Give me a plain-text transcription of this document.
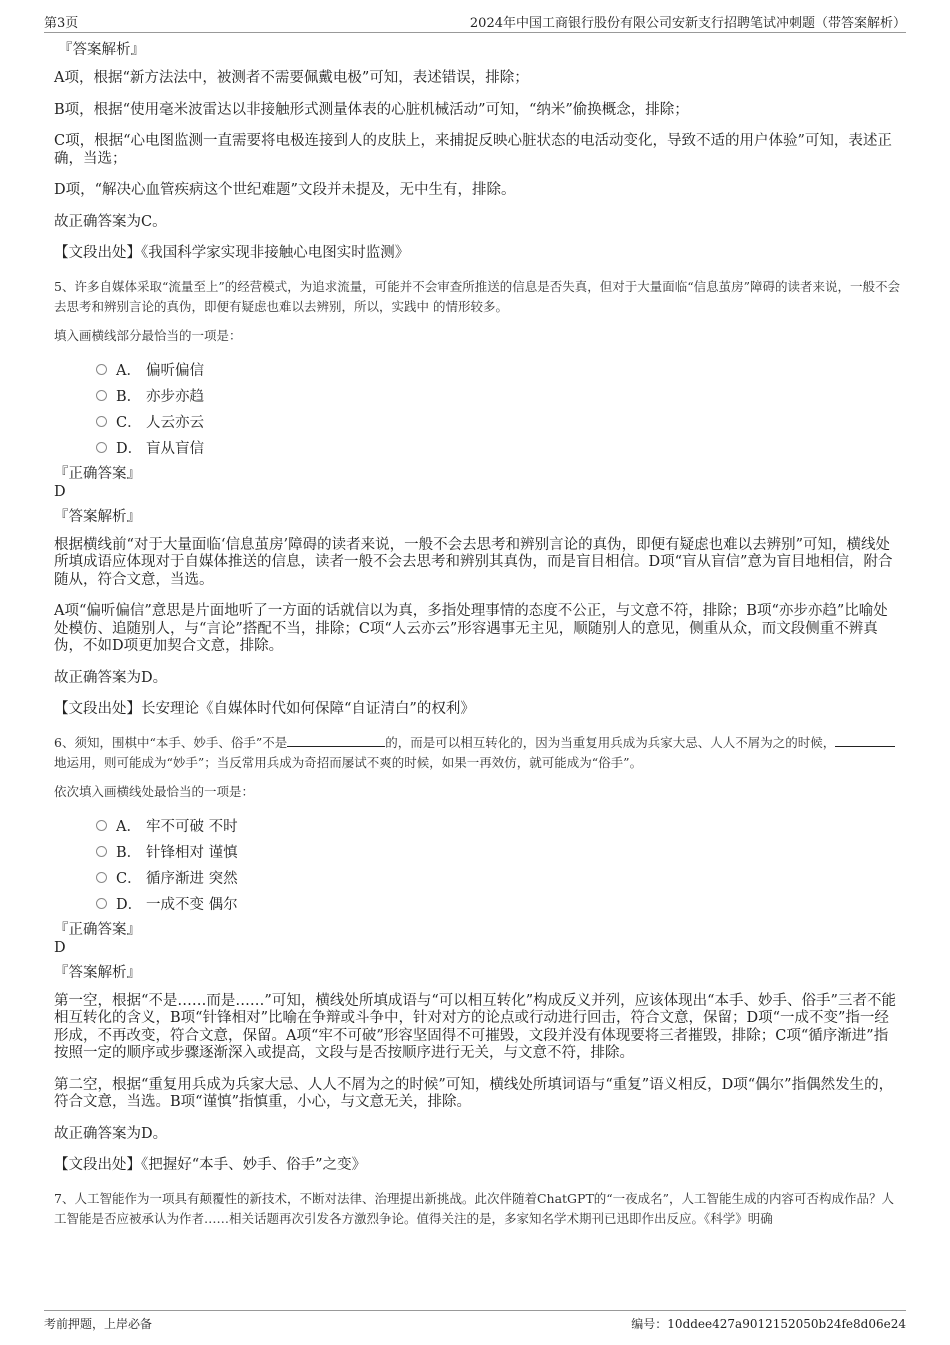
第3页	2024年中国工商银行股份有限公司安新支行招聘笔试冲刺题（带答案解析）
『答案解析』

A项，根据“新方法法中，被测者不需要佩戴电极”可知，表述错误，排除；

B项，根据“使用毫米波雷达以非接触形式测量体表的心脏机械活动”可知，“纳米”偷换概念，排除；

C项，根据“心电图监测一直需要将电极连接到人的皮肤上，来捕捉反映心脏状态的电活动变化，导致不适的用户体验”可知，表述正确，当选；

D项，“解决心血管疾病这个世纪难题”文段并未提及，无中生有，排除。

故正确答案为C。

【文段出处】《我国科学家实现非接触心电图实时监测》

5、许多自媒体采取“流量至上”的经营模式，为追求流量，可能并不会审查所推送的信息是否失真，但对于大量面临“信息茧房”障碍的读者来说，一般不会去思考和辨别言论的真伪，即便有疑虑也难以去辨别，所以，实践中 的情形较多。
填入画横线部分最恰当的一项是：
A． 偏听偏信
B． 亦步亦趋
C． 人云亦云
D． 盲从盲信
『正确答案』
D
『答案解析』

根据横线前“对于大量面临‘信息茧房’障碍的读者来说，一般不会去思考和辨别言论的真伪，即便有疑虑也难以去辨别”可知，横线处所填成语应体现对于自媒体推送的信息，读者一般不会去思考和辨别其真伪，而是盲目相信。D项“盲从盲信”意为盲目地相信，附合随从，符合文意，当选。

A项“偏听偏信”意思是片面地听了一方面的话就信以为真，多指处理事情的态度不公正，与文意不符，排除；B项“亦步亦趋”比喻处处模仿、追随别人，与“言论”搭配不当，排除；C项“人云亦云”形容遇事无主见，顺随别人的意见，侧重从众，而文段侧重不辨真伪，不如D项更加契合文意，排除。

故正确答案为D。

【文段出处】长安理论《自媒体时代如何保障“自证清白”的权利》

6、须知，围棋中“本手、妙手、俗手”不是	的，而是可以相互转化的，因为当重复用兵成为兵家大忌、人人不屑为之的时候，地运用，则可能成为“妙手”；当反常用兵成为奇招而屡试不爽的时候，如果一再效仿，就可能成为“俗手”。
依次填入画横线处最恰当的一项是：
A． 牢不可破 不时
B． 针锋相对 谨慎
C． 循序渐进 突然
D． 一成不变 偶尔
『正确答案』
D
『答案解析』

第一空，根据“不是……而是……”可知，横线处所填成语与“可以相互转化”构成反义并列，应该体现出“本手、妙手、俗手”三者不能相互转化的含义，B项“针锋相对”比喻在争辩或斗争中，针对对方的论点或行动进行回击，符合文意，保留；D项“一成不变”指一经形成，不再改变，符合文意，保留。A项“牢不可破”形容坚固得不可摧毁，文段并没有体现要将三者摧毁，排除；C项“循序渐进”指按照一定的顺序或步骤逐渐深入或提高，文段与是否按顺序进行无关，与文意不符，排除。

第二空，根据“重复用兵成为兵家大忌、人人不屑为之的时候”可知，横线处所填词语与“重复”语义相反，D项“偶尔”指偶然发生的，符合文意，当选。B项“谨慎”指慎重，小心，与文意无关，排除。

故正确答案为D。

【文段出处】《把握好“本手、妙手、俗手”之变》

7、人工智能作为一项具有颠覆性的新技术，不断对法律、治理提出新挑战。此次伴随着ChatGPT的“一夜成名”，人工智能生成的内容可否构成作品？人工智能是否应被承认为作者……相关话题再次引发各方激烈争论。值得关注的是，多家知名学术期刊已迅即作出反应。《科学》明确
考前押题，上岸必备	编号：10ddee427a9012152050b24fe8d06e24
